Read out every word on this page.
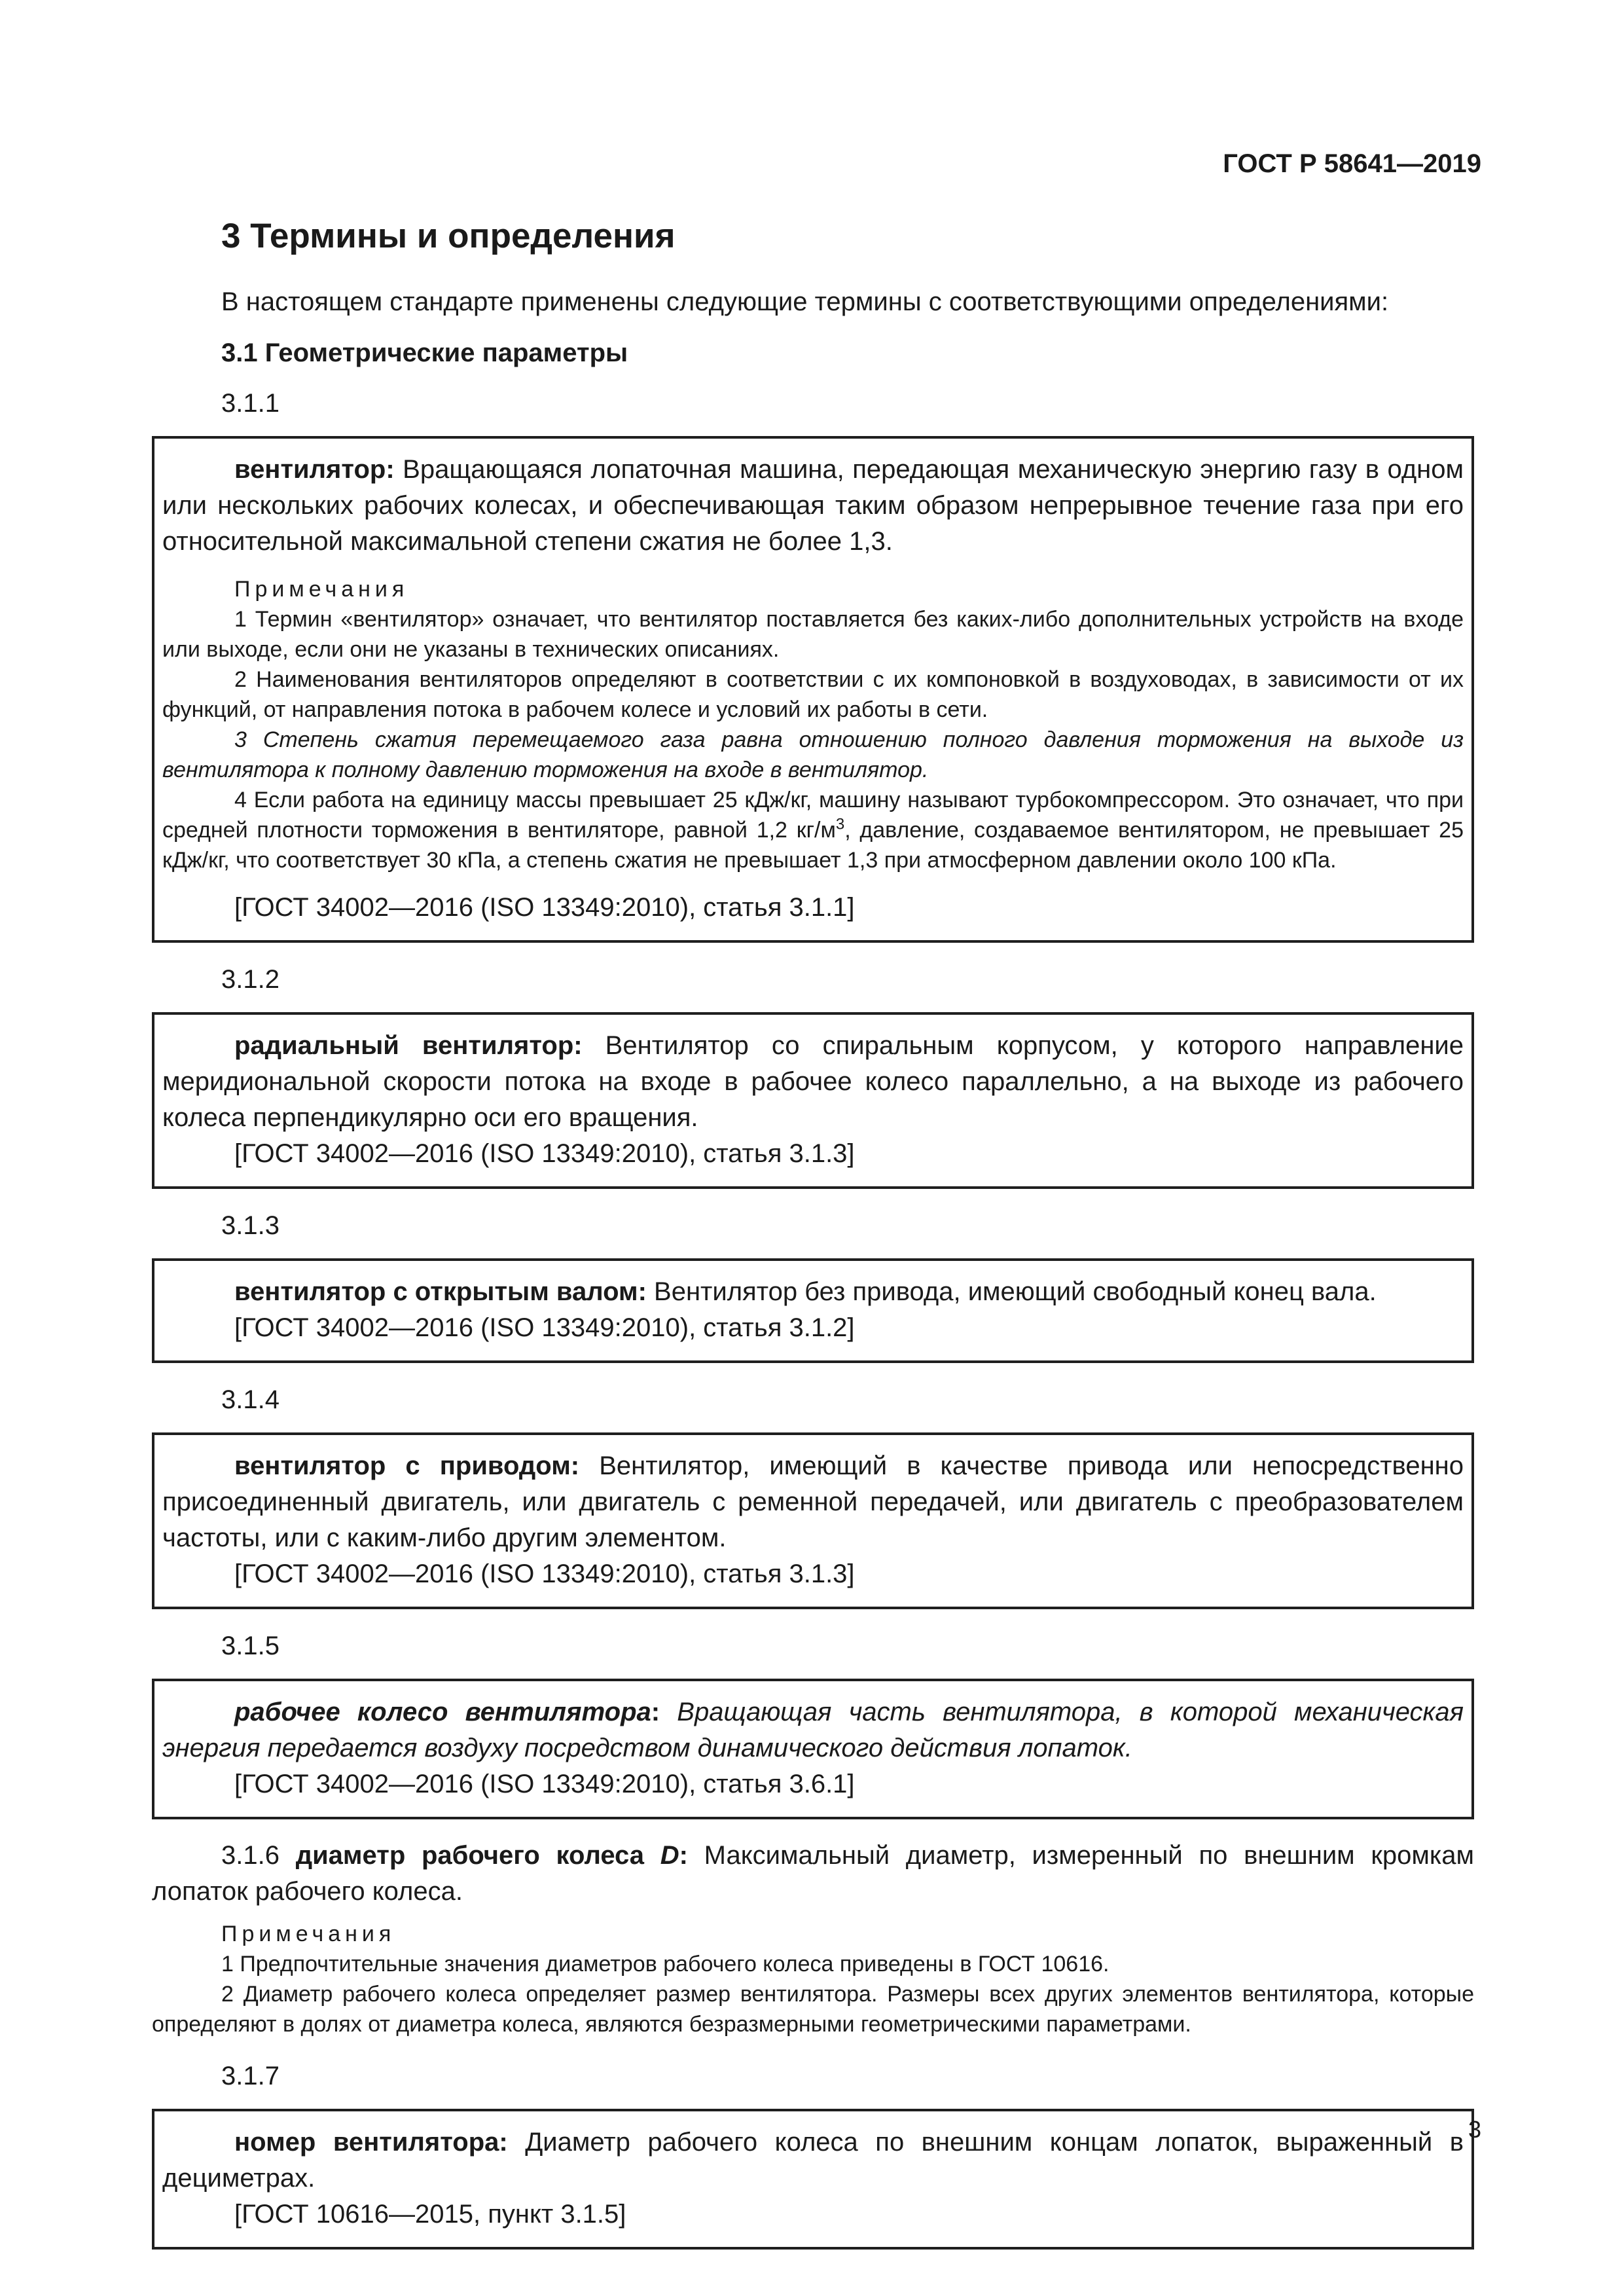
ГОСТ Р 58641—2019
3 Термины и определения
В настоящем стандарте применены следующие термины с соответствующими определениями:
3.1 Геометрические параметры
3.1.1

вентилятор: Вращающаяся лопаточная машина, передающая механическую энергию газу в одном или нескольких рабочих колесах, и обеспечивающая таким образом непрерывное течение газа при его относительной максимальной степени сжатия не более 1,3.

Примечания

1 Термин «вентилятор» означает, что вентилятор поставляется без каких-либо дополнительных устройств на входе или выходе, если они не указаны в технических описаниях.

2 Наименования вентиляторов определяют в соответствии с их компоновкой в воздуховодах, в зависимости от их функций, от направления потока в рабочем колесе и условий их работы в сети.

3 Степень сжатия перемещаемого газа равна отношению полного давления торможения на выходе из вентилятора к полному давлению торможения на входе в вентилятор.

4 Если работа на единицу массы превышает 25 кДж/кг, машину называют турбокомпрессором. Это означает, что при средней плотности торможения в вентиляторе, равной 1,2 $кг/м^3$, давление, создаваемое вентилятором, не превышает 25 кДж/кг, что соответствует 30 кПа, а степень сжатия не превышает 1,3 при атмосферном давлении около 100 кПа.

[ГОСТ 34002—2016 (ISO 13349:2010), статья 3.1.1]

3.1.2

радиальный вентилятор: Вентилятор со спиральным корпусом, у которого направление меридиональной скорости потока на входе в рабочее колесо параллельно, а на выходе из рабочего колеса перпендикулярно оси его вращения.

[ГОСТ 34002—2016 (ISO 13349:2010), статья 3.1.3]

3.1.3

вентилятор с открытым валом: Вентилятор без привода, имеющий свободный конец вала.

[ГОСТ 34002—2016 (ISO 13349:2010), статья 3.1.2]

3.1.4

вентилятор с приводом: Вентилятор, имеющий в качестве привода или непосредственно присоединенный двигатель, или двигатель с ременной передачей, или двигатель с преобразователем частоты, или с каким-либо другим элементом.

[ГОСТ 34002—2016 (ISO 13349:2010), статья 3.1.3]

3.1.5

рабочее колесо вентилятора: Вращающая часть вентилятора, в которой механическая энергия передается воздуху посредством динамического действия лопаток.

[ГОСТ 34002—2016 (ISO 13349:2010), статья 3.6.1]

3.1.6 диаметр рабочего колеса D: Максимальный диаметр, измеренный по внешним кромкам лопаток рабочего колеса.

Примечания

1 Предпочтительные значения диаметров рабочего колеса приведены в ГОСТ 10616.

2 Диаметр рабочего колеса определяет размер вентилятора. Размеры всех других элементов вентилятора, которые определяют в долях от диаметра колеса, являются безразмерными геометрическими параметрами.

3.1.7

номер вентилятора: Диаметр рабочего колеса по внешним концам лопаток, выраженный в дециметрах.

[ГОСТ 10616—2015, пункт 3.1.5]

3
